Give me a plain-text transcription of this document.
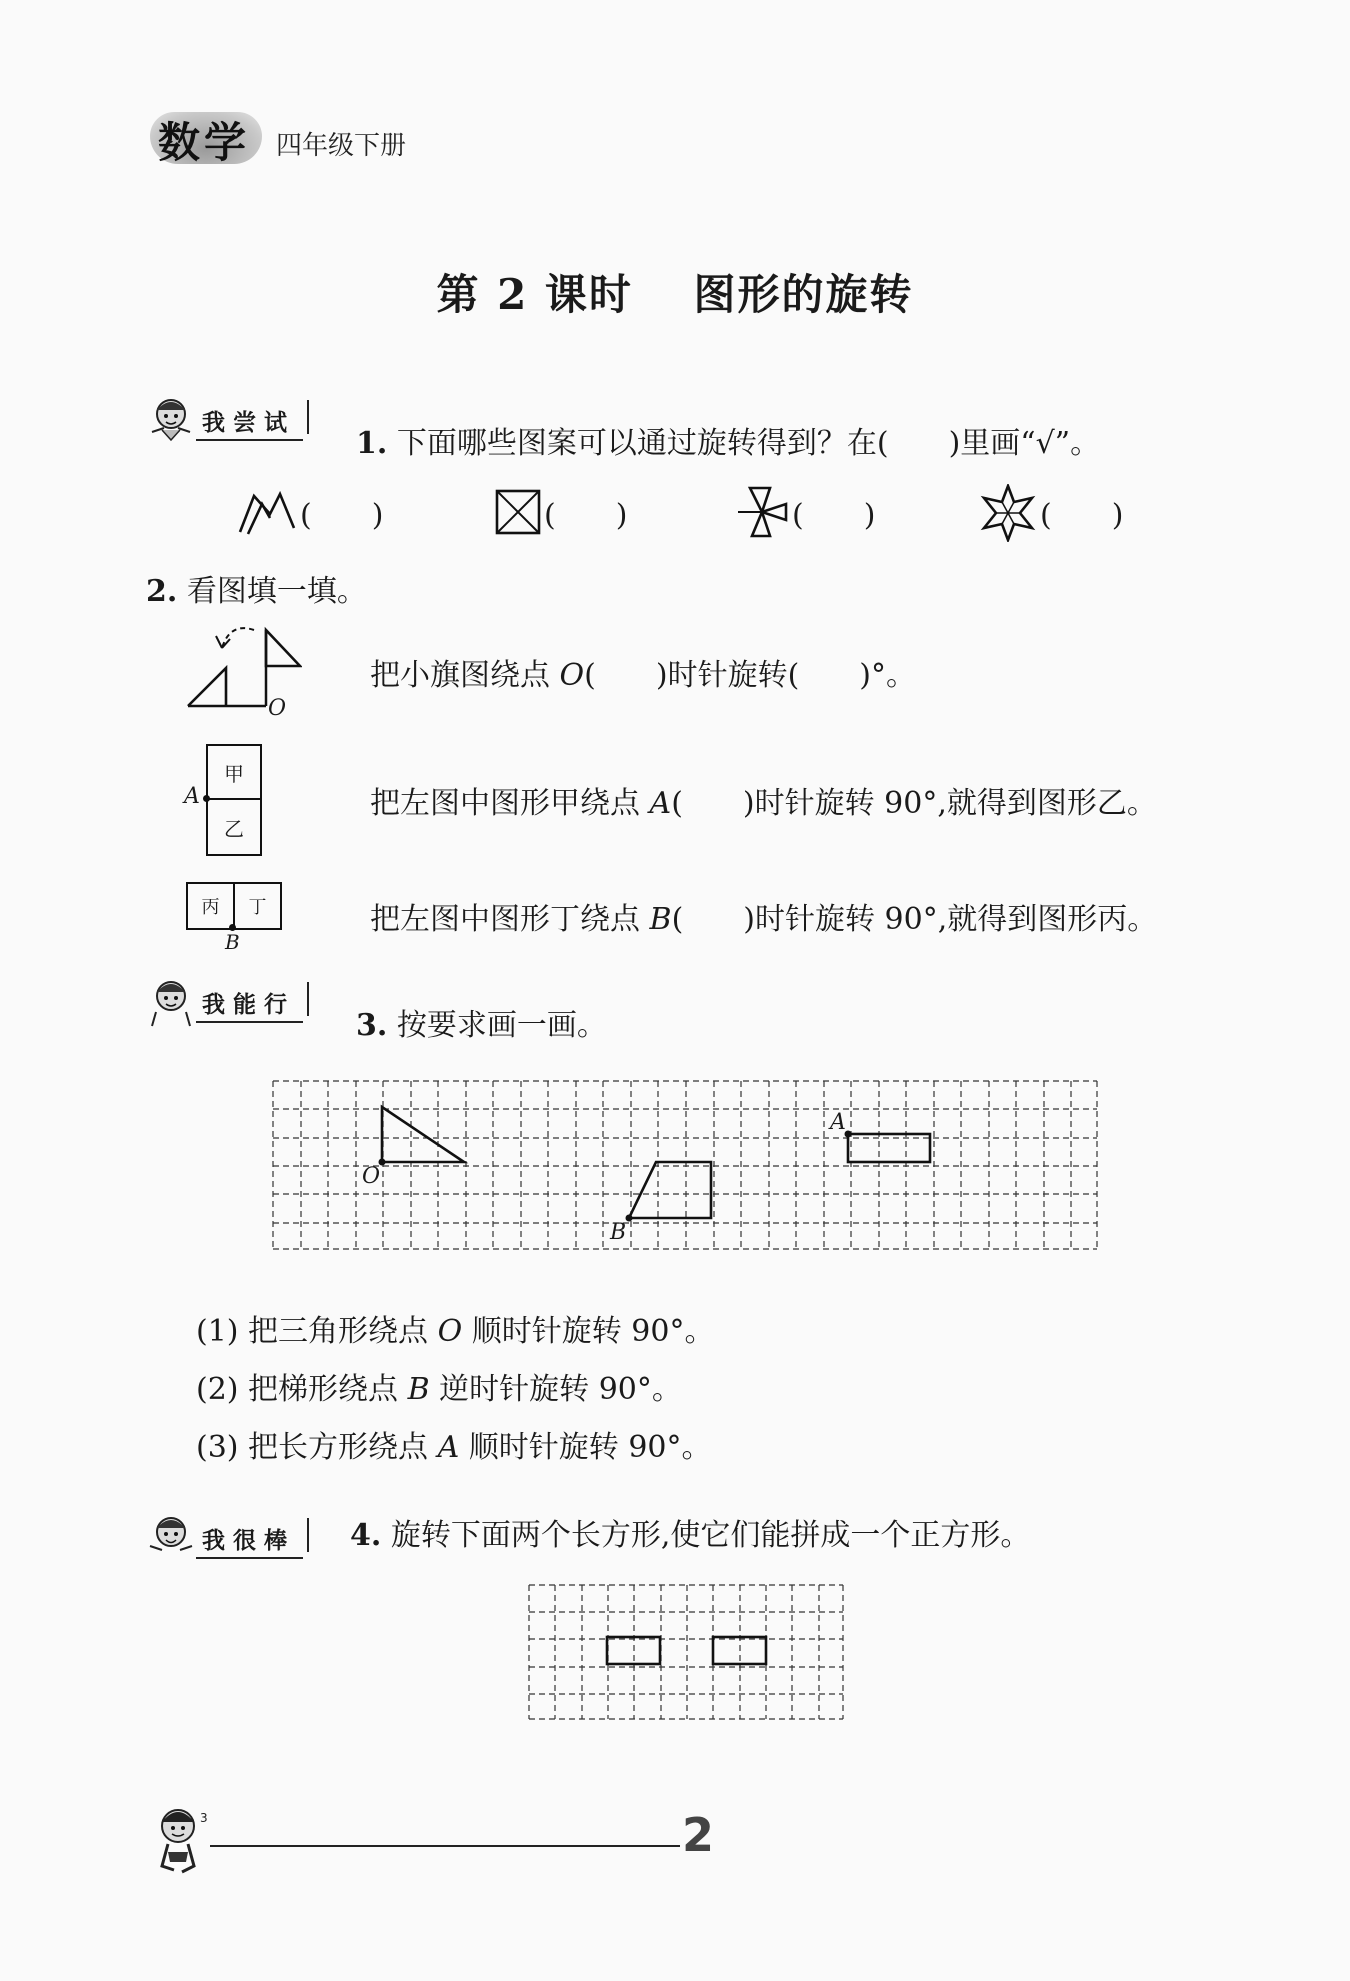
数学 四年级下册
第 2 课时 　图形的旋转
我尝试
1. 下面哪些图案可以通过旋转得到？在(　　)里画“√”。
(　　)	(　　)	(　　)	(　　)
2. 看图填一填。
O
把小旗图绕点 O(　　)时针旋转(　　)°。
甲
乙
A	把左图中图形甲绕点 A(　　)时针旋转 90°,就得到图形乙。
丙	丁
B
把左图中图形丁绕点 B(　　)时针旋转 90°,就得到图形丙。
我能行
3. 按要求画一画。
O
B
A
(1) 把三角形绕点 O 顺时针旋转 90°。
(2) 把梯形绕点 B 逆时针旋转 90°。
(3) 把长方形绕点 A 顺时针旋转 90°。
我很棒 4. 旋转下面两个长方形,使它们能拼成一个正方形。
3	2
